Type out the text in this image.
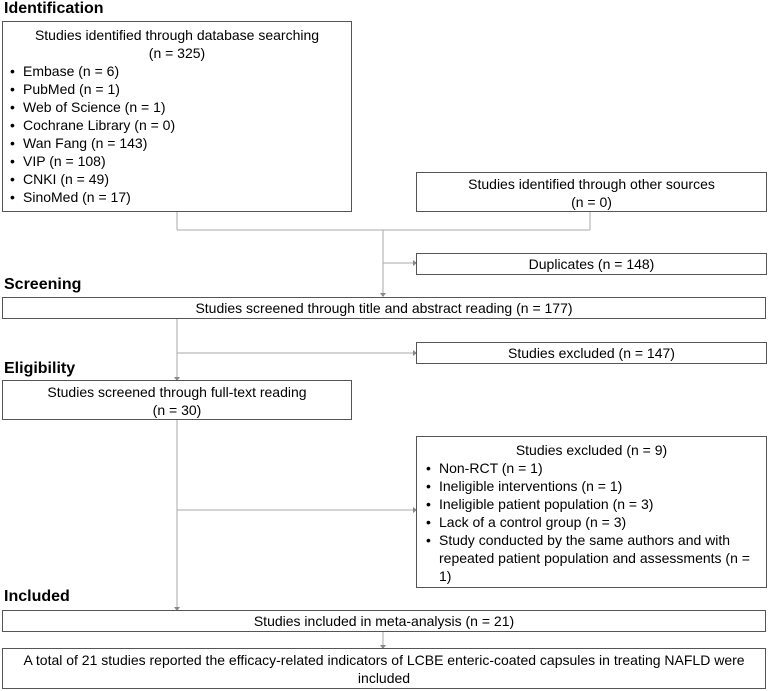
Identification
Screening
Eligibility
Included
Studies identified through database searching
(n = 325)
• Embase (n = 6)
• PubMed (n = 1)
• Web of Science (n = 1)
• Cochrane Library (n = 0)
• Wan Fang (n = 143)
• VIP (n = 108)
• CNKI (n = 49)
• SinoMed (n = 17)
Studies identified through other sources
(n = 0)
Duplicates (n = 148)
Studies screened through title and abstract reading (n = 177)
Studies excluded (n = 147)
Studies screened through full-text reading
(n = 30)
Studies excluded (n = 9)
• Non-RCT (n = 1)
• Ineligible interventions (n = 1)
• Ineligible patient population (n = 3)
• Lack of a control group (n = 3)
• Study conducted by the same authors and with repeated patient population and assessments (n = 1)
Studies included in meta-analysis (n = 21)
A total of 21 studies reported the efficacy-related indicators of LCBE enteric-coated capsules in treating NAFLD were included
